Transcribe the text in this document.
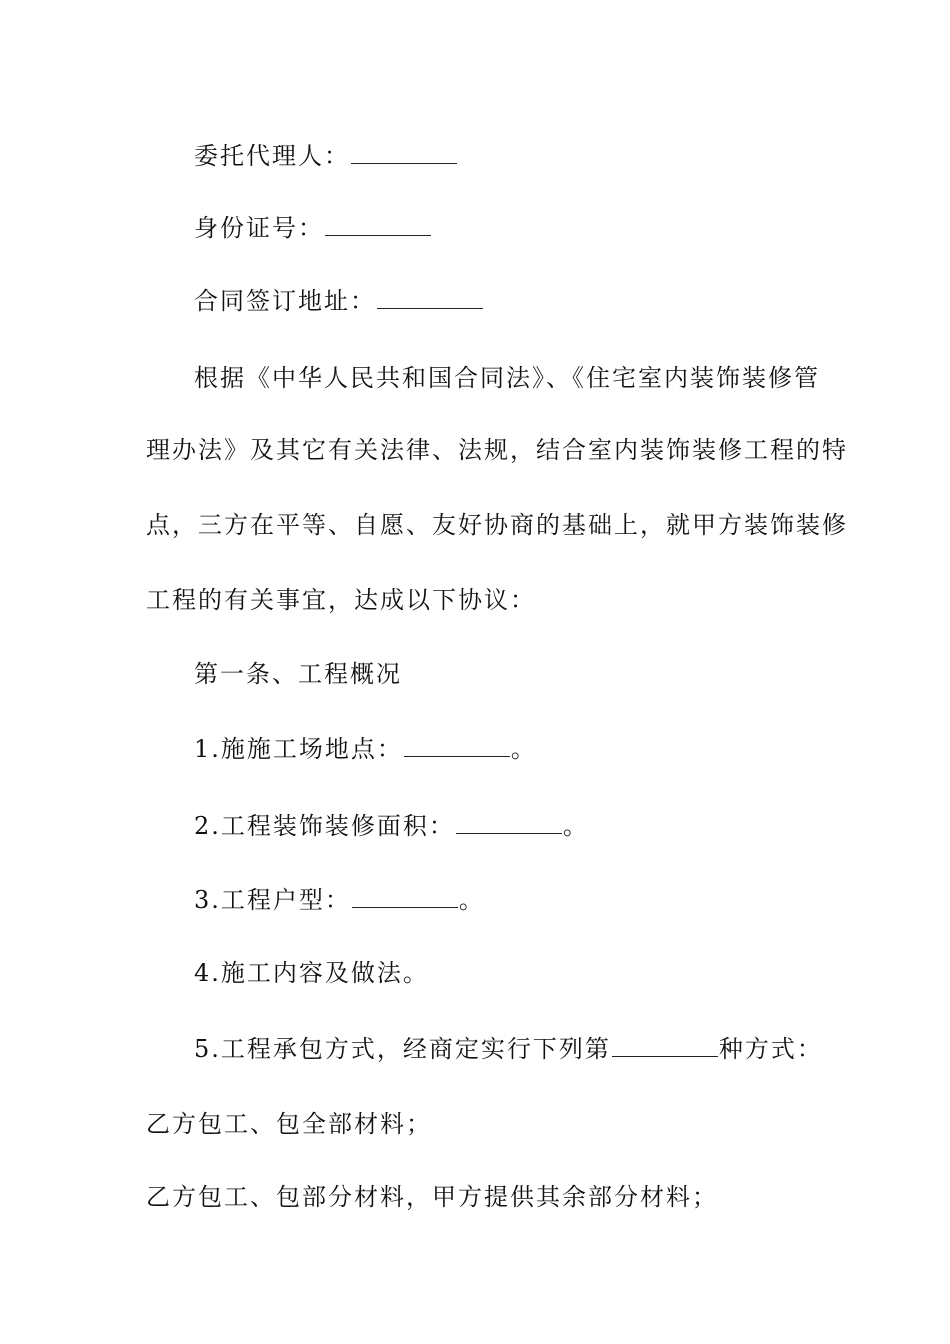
委托代理人：
身份证号：
合同签订地址：
根据《中华人民共和国合同法》、《住宅室内装饰装修管
理办法》及其它有关法律、法规，结合室内装饰装修工程的特
点，三方在平等、自愿、友好协商的基础上，就甲方装饰装修
工程的有关事宜，达成以下协议：
第一条、工程概况
1.施施工场地点：	。
2.工程装饰装修面积：	。
3.工程户型：	。
4.施工内容及做法。
5.工程承包方式，经商定实行下列第	种方式：
乙方包工、包全部材料；
乙方包工、包部分材料，甲方提供其余部分材料；
